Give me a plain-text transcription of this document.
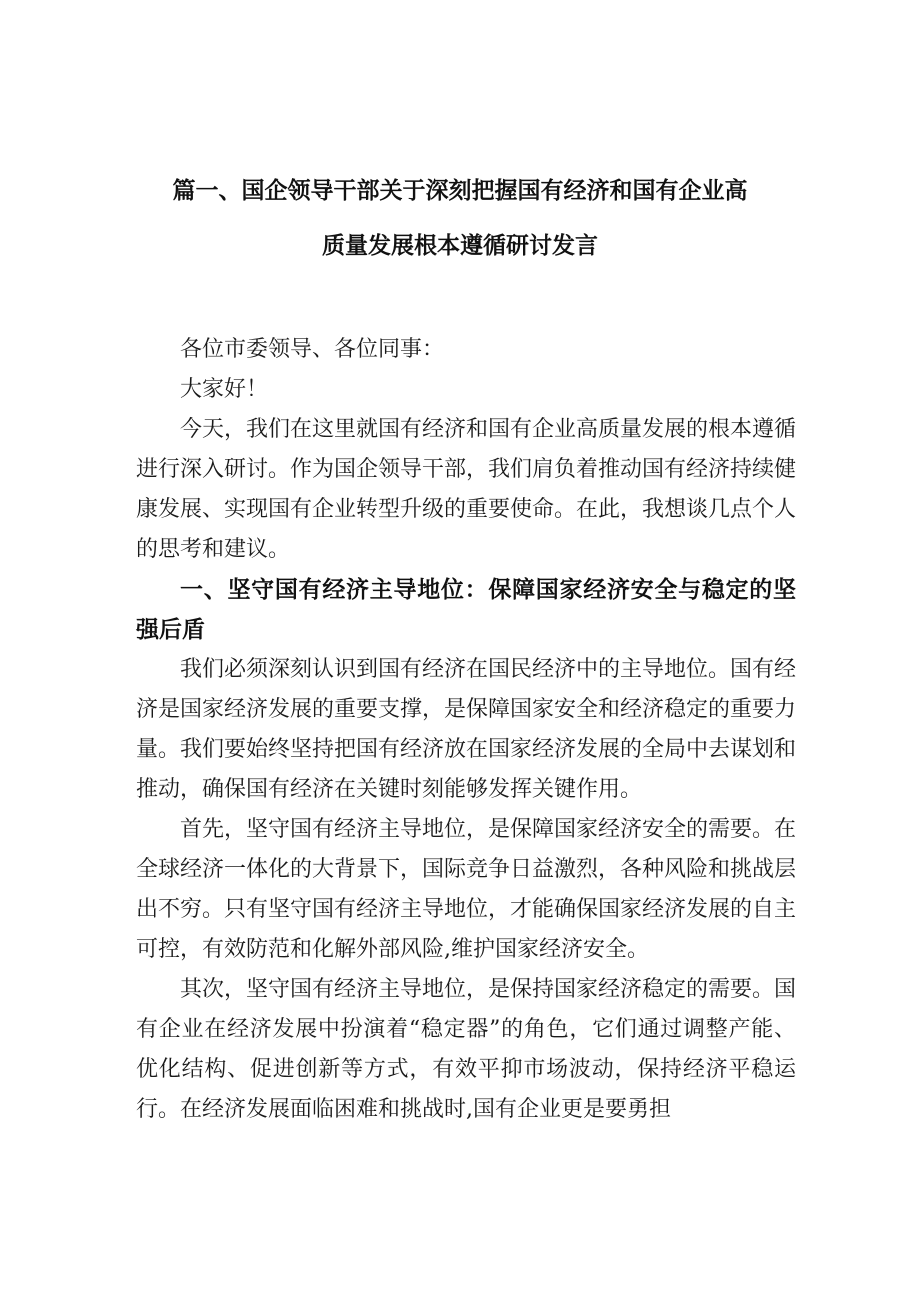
篇一、国企领导干部关于深刻把握国有经济和国有企业高
质量发展根本遵循研讨发言

各位市委领导、各位同事：

大家好！

今天，我们在这里就国有经济和国有企业高质量发展的根本遵循进行深入研讨。作为国企领导干部，我们肩负着推动国有经济持续健康发展、实现国有企业转型升级的重要使命。在此，我想谈几点个人的思考和建议。

一、坚守国有经济主导地位：保障国家经济安全与稳定的坚强后盾

我们必须深刻认识到国有经济在国民经济中的主导地位。国有经济是国家经济发展的重要支撑，是保障国家安全和经济稳定的重要力量。我们要始终坚持把国有经济放在国家经济发展的全局中去谋划和推动，确保国有经济在关键时刻能够发挥关键作用。

首先，坚守国有经济主导地位，是保障国家经济安全的需要。在全球经济一体化的大背景下，国际竞争日益激烈，各种风险和挑战层出不穷。只有坚守国有经济主导地位，才能确保国家经济发展的自主可控，有效防范和化解外部风险,维护国家经济安全。

其次，坚守国有经济主导地位，是保持国家经济稳定的需要。国有企业在经济发展中扮演着“稳定器”的角色，它们通过调整产能、优化结构、促进创新等方式，有效平抑市场波动，保持经济平稳运行。在经济发展面临困难和挑战时,国有企业更是要勇担
